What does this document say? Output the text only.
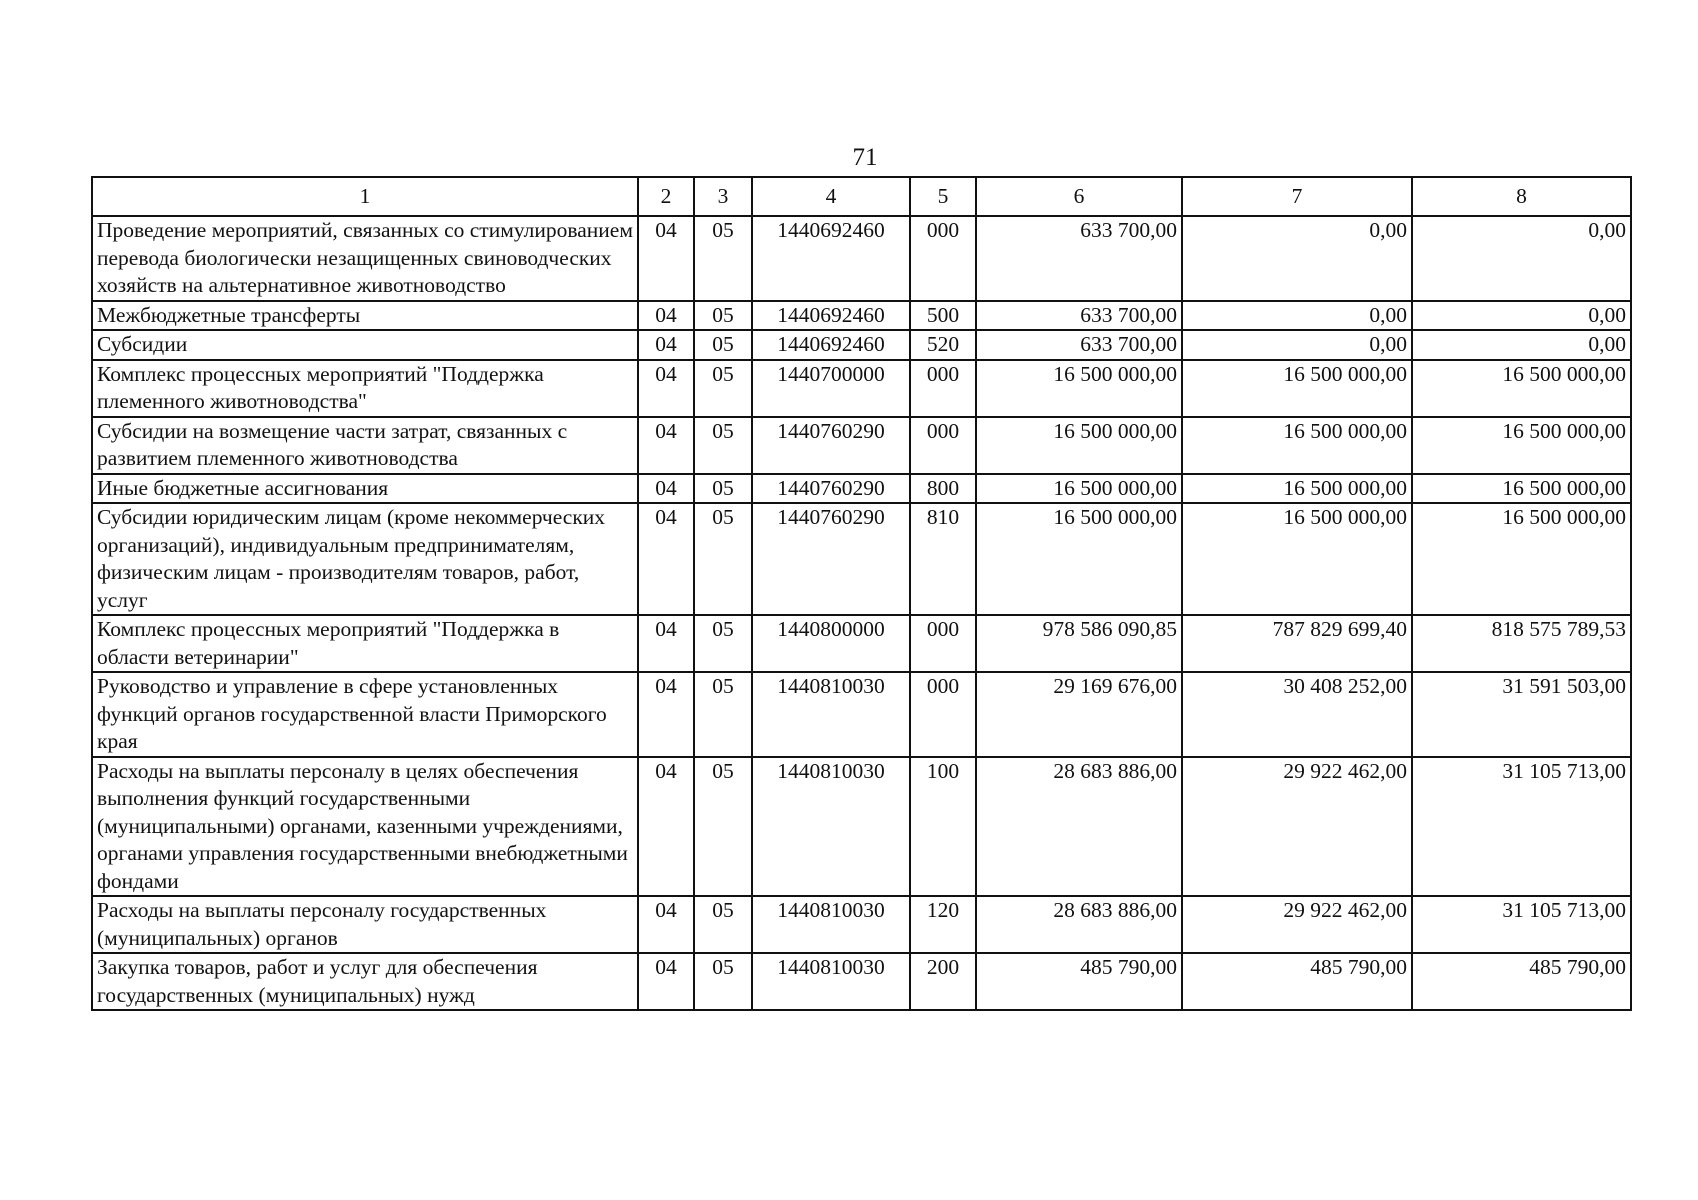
71
1	2	3	4	5	6	7	8
Проведение мероприятий, связанных со стимулированием перевода биологически незащищенных свиноводческих хозяйств на альтернативное животноводство	04	05	1440692460	000	633 700,00	0,00	0,00
Межбюджетные трансферты	04	05	1440692460	500	633 700,00	0,00	0,00
Субсидии	04	05	1440692460	520	633 700,00	0,00	0,00
Комплекс процессных мероприятий "Поддержка племенного животноводства"	04	05	1440700000	000	16 500 000,00	16 500 000,00	16 500 000,00
Субсидии на возмещение части затрат, связанных с развитием племенного животноводства	04	05	1440760290	000	16 500 000,00	16 500 000,00	16 500 000,00
Иные бюджетные ассигнования	04	05	1440760290	800	16 500 000,00	16 500 000,00	16 500 000,00
Субсидии юридическим лицам (кроме некоммерческих организаций), индивидуальным предпринимателям, физическим лицам - производителям товаров, работ, услуг	04	05	1440760290	810	16 500 000,00	16 500 000,00	16 500 000,00
Комплекс процессных мероприятий "Поддержка в области ветеринарии"	04	05	1440800000	000	978 586 090,85	787 829 699,40	818 575 789,53
Руководство и управление в сфере установленных функций органов государственной власти Приморского края	04	05	1440810030	000	29 169 676,00	30 408 252,00	31 591 503,00
Расходы на выплаты персоналу в целях обеспечения выполнения функций государственными (муниципальными) органами, казенными учреждениями, органами управления государственными внебюджетными фондами	04	05	1440810030	100	28 683 886,00	29 922 462,00	31 105 713,00
Расходы на выплаты персоналу государственных (муниципальных) органов	04	05	1440810030	120	28 683 886,00	29 922 462,00	31 105 713,00
Закупка товаров, работ и услуг для обеспечения государственных (муниципальных) нужд	04	05	1440810030	200	485 790,00	485 790,00	485 790,00
